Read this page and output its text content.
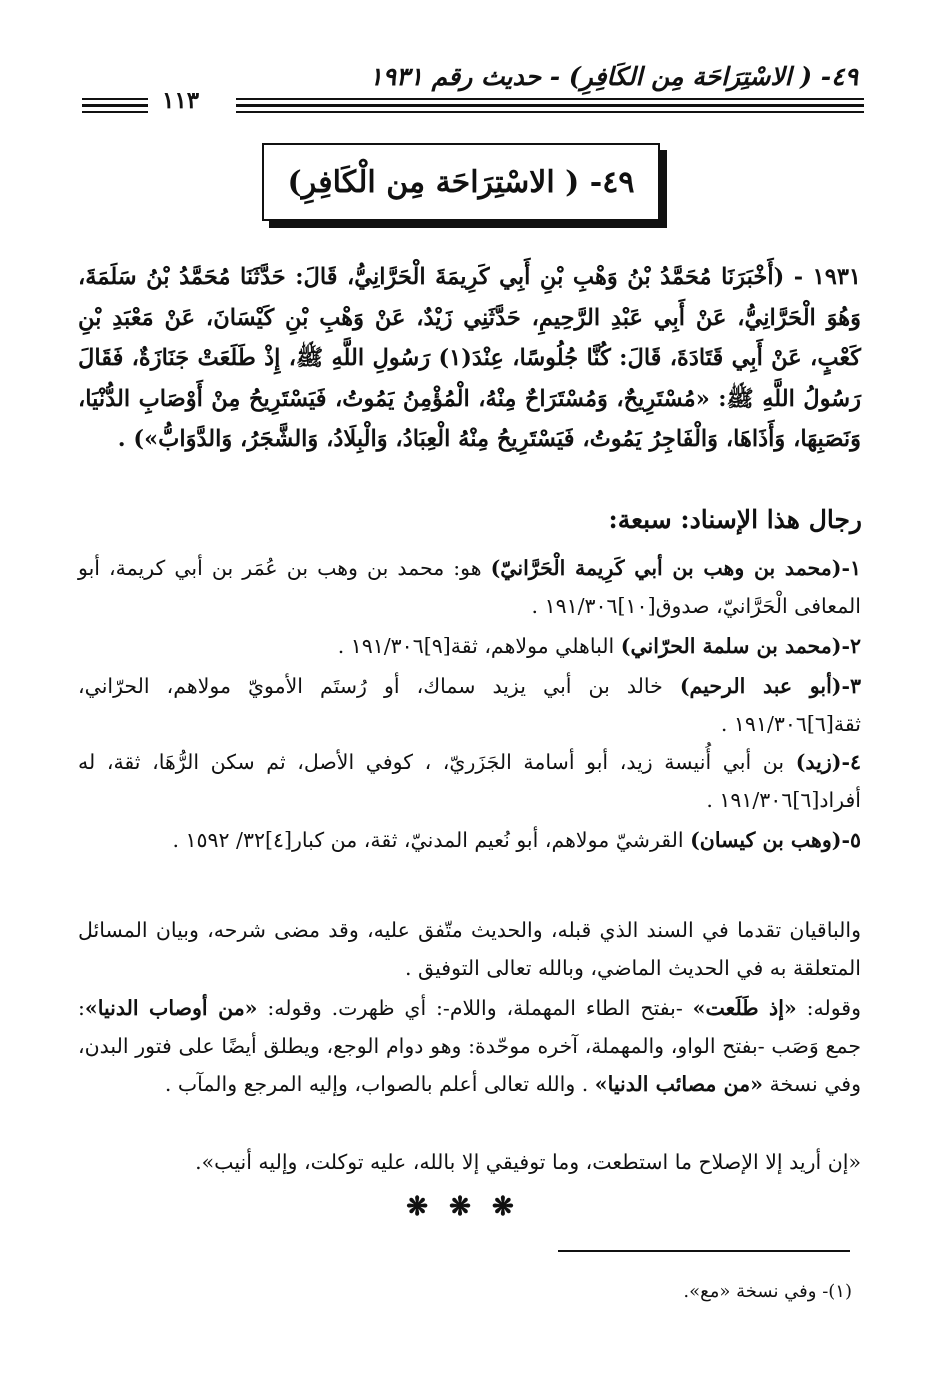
٤٩- ( الاسْتِرَاحَة مِن الكَافِرِ) - حديث رقم ١٩٣١
١١٣
٤٩- ( الاسْتِرَاحَة مِن الْكَافِرِ)
١٩٣١ - (أَخْبَرَنَا مُحَمَّدُ بْنُ وَهْبِ بْنِ أَبِي كَرِيمَةَ الْحَرَّانِيُّ، قَالَ: حَدَّثَنَا مُحَمَّدُ بْنُ سَلَمَةَ، وَهُوَ الْحَرَّانِيُّ، عَنْ أَبِي عَبْدِ الرَّحِيمِ، حَدَّثَنِي زَيْدٌ، عَنْ وَهْبِ بْنِ كَيْسَانَ، عَنْ مَعْبَدِ بْنِ كَعْبٍ، عَنْ أَبِي قَتَادَةَ، قَالَ: كُنَّا جُلُوسًا، عِنْدَ(١) رَسُولِ اللَّهِ ﷺ، إِذْ طَلَعَتْ جَنَازَةٌ، فَقَالَ رَسُولُ اللَّهِ ﷺ: «مُسْتَرِيحٌ، وَمُسْتَرَاحٌ مِنْهُ، الْمُؤْمِنُ يَمُوتُ، فَيَسْتَرِيحُ مِنْ أَوْصَابِ الدُّنْيَا، وَنَصَبِهَا، وَأَذَاهَا، وَالْفَاجِرُ يَمُوتُ، فَيَسْتَرِيحُ مِنْهُ الْعِبَادُ، وَالْبِلَادُ، وَالشَّجَرُ، وَالدَّوَابُّ») .
رجال هذا الإسناد: سبعة:
١-(محمد بن وهب بن أبي كَرِيمة الْحَرَّانيّ) هو: محمد بن وهب بن عُمَر بن أبي كريمة، أبو المعافى الْحَرَّانيّ، صدوق[١٠]١٩١/٣٠٦ .
٢-(محمد بن سلمة الحرّاني) الباهلي مولاهم، ثقة[٩]١٩١/٣٠٦ .
٣-(أبو عبد الرحيم) خالد بن أبي يزيد سماك، أو رُستَم الأمويّ مولاهم، الحرّاني، ثقة[٦]١٩١/٣٠٦ .
٤-(زيد) بن أبي أُنيسة زيد، أبو أسامة الجَزَريّ، ، كوفي الأصل، ثم سكن الرُّهَا، ثقة، له أفراد[٦]١٩١/٣٠٦ .
٥-(وهب بن كيسان) القرشيّ مولاهم، أبو نُعيم المدنيّ، ثقة، من كبار[٤]٣٢/ ١٥٩٢ .
والباقيان تقدما في السند الذي قبله، والحديث متّفق عليه، وقد مضى شرحه، وبيان المسائل المتعلقة به في الحديث الماضي، وبالله تعالى التوفيق .
وقوله: «إذ طَلَعت» -بفتح الطاء المهملة، واللام-: أي ظهرت. وقوله: «من أوصاب الدنيا»: جمع وَصَب -بفتح الواو، والمهملة، آخره موحّدة: وهو دوام الوجع، ويطلق أيضًا على فتور البدن، وفي نسخة «من مصائب الدنيا» . والله تعالى أعلم بالصواب، وإليه المرجع والمآب .
«إن أريد إلا الإصلاح ما استطعت، وما توفيقي إلا بالله، عليه توكلت، وإليه أنيب».
❋ ❋ ❋
(١)- وفي نسخة «مع».
